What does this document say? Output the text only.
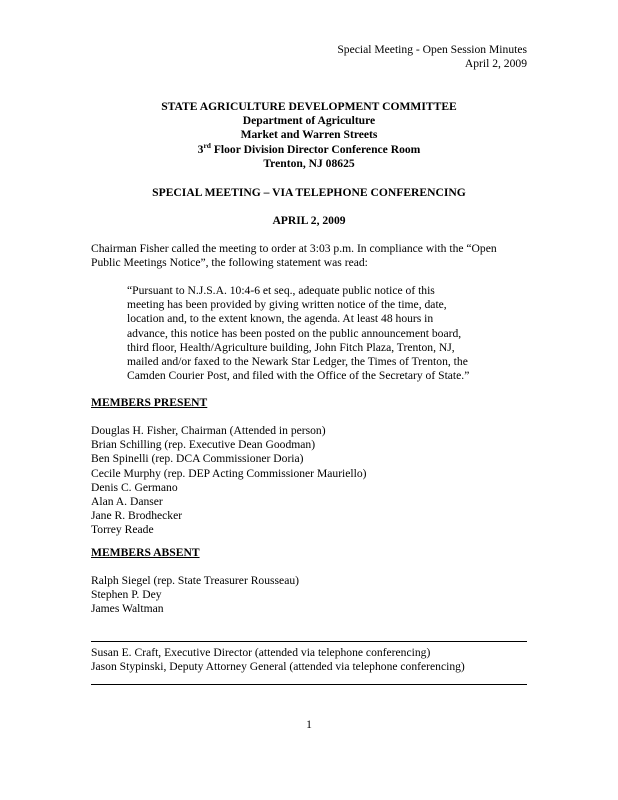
Special Meeting - Open Session Minutes
April 2, 2009
STATE AGRICULTURE DEVELOPMENT COMMITTEE
Department of Agriculture
Market and Warren Streets
3rd Floor Division Director Conference Room
Trenton, NJ 08625
SPECIAL MEETING – VIA TELEPHONE CONFERENCING
APRIL 2, 2009
Chairman Fisher called the meeting to order at 3:03 p.m. In compliance with the “Open
Public Meetings Notice”, the following statement was read:
“Pursuant to N.J.S.A. 10:4-6 et seq., adequate public notice of this
meeting has been provided by giving written notice of the time, date,
location and, to the extent known, the agenda. At least 48 hours in
advance, this notice has been posted on the public announcement board,
third floor, Health/Agriculture building, John Fitch Plaza, Trenton, NJ,
mailed and/or faxed to the Newark Star Ledger, the Times of Trenton, the
Camden Courier Post, and filed with the Office of the Secretary of State.”
MEMBERS PRESENT
Douglas H. Fisher, Chairman (Attended in person)
Brian Schilling (rep. Executive Dean Goodman)
Ben Spinelli (rep. DCA Commissioner Doria)
Cecile Murphy (rep. DEP Acting Commissioner Mauriello)
Denis C. Germano
Alan A. Danser
Jane R. Brodhecker
Torrey Reade
MEMBERS ABSENT
Ralph Siegel (rep. State Treasurer Rousseau)
Stephen P. Dey
James Waltman
Susan E. Craft, Executive Director (attended via telephone conferencing)
Jason Stypinski, Deputy Attorney General (attended via telephone conferencing)
1
